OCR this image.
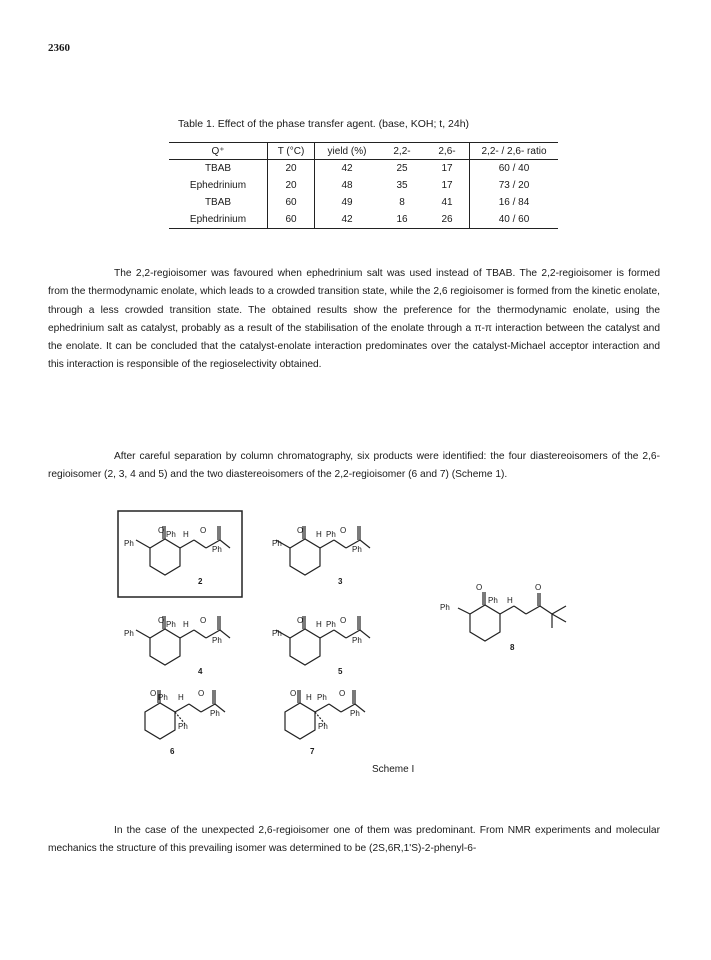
2360
Table 1. Effect of the phase transfer agent. (base, KOH; t, 24h)
Q⁺	T (°C)	yield (%)	2,2-	2,6-	2,2- / 2,6- ratio
TBAB	20	42	25	17	60 / 40
Ephedrinium	20	48	35	17	73 / 20
TBAB	60	49	8	41	16 / 84
Ephedrinium	60	42	16	26	40 / 60
The 2,2-regioisomer was favoured when ephedrinium salt was used instead of TBAB. The 2,2-regioisomer is formed from the thermodynamic enolate, which leads to a crowded transition state, while the 2,6 regioisomer is formed from the kinetic enolate, through a less crowded transition state. The obtained results show the preference for the thermodynamic enolate, using the ephedrinium salt as catalyst, probably as a result of the stabilisation of the enolate through a π-π interaction between the catalyst and the enolate. It can be concluded that the catalyst-enolate interaction predominates over the catalyst-Michael acceptor interaction and this interaction is responsible of the regioselectivity obtained.
After careful separation by column chromatography, six products were identified: the four diastereoisomers of the 2,6-regioisomer (2, 3, 4 and 5) and the two diastereoisomers of the 2,2-regioisomer (6 and 7) (Scheme 1).
Ph
O Ph H O
Ph
2
Ph
O H Ph O
Ph
3
Ph
O Ph H O
Ph
4
Ph
O H Ph O
Ph
5
Ph
O
Ph H
O
8
O Ph H O
Ph
Ph
6
O H Ph O
Ph
Ph
7
Scheme I
In the case of the unexpected 2,6-regioisomer one of them was predominant. From NMR experiments and molecular mechanics the structure of this prevailing isomer was determined to be (2S,6R,1'S)-2-phenyl-6-
